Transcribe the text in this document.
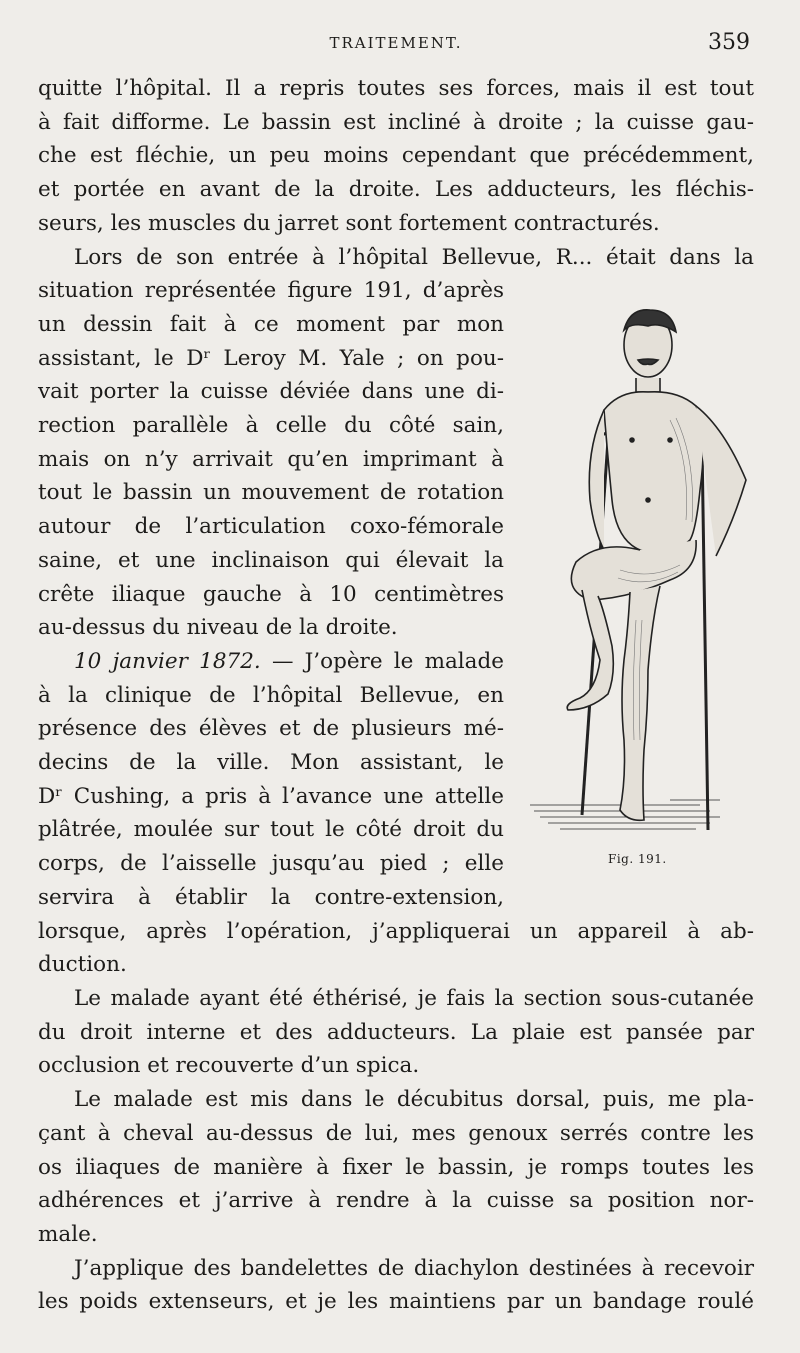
TRAITEMENT.	359

quitte l’hôpital. Il a repris toutes ses forces, mais il est tout
à fait difforme. Le bassin est incliné à droite ; la cuisse gau-
che est fléchie, un peu moins cependant que précédemment,
et portée en avant de la droite. Les adducteurs, les fléchis-
seurs, les muscles du jarret sont fortement contracturés.

Lors de son entrée à l’hôpital Bellevue, R... était dans la
situation représentée figure 191, d’après
un dessin fait à ce moment par mon
assistant, le Dʳ Leroy M. Yale ; on pou-
vait porter la cuisse déviée dans une di-
rection parallèle à celle du côté sain,
mais on n’y arrivait qu’en imprimant à
tout le bassin un mouvement de rotation
autour de l’articulation coxo-fémorale
saine, et une inclinaison qui élevait la
crête iliaque gauche à 10 centimètres
au-dessus du niveau de la droite.

10 janvier 1872. — J’opère le malade
à la clinique de l’hôpital Bellevue, en
présence des élèves et de plusieurs mé-
decins de la ville. Mon assistant, le
Dʳ Cushing, a pris à l’avance une attelle
plâtrée, moulée sur tout le côté droit du
corps, de l’aisselle jusqu’au pied ; elle
servira à établir la contre-extension,
lorsque, après l’opération, j’appliquerai un appareil à ab-
duction.

Le malade ayant été éthérisé, je fais la section sous-cutanée
du droit interne et des adducteurs. La plaie est pansée par
occlusion et recouverte d’un spica.

Le malade est mis dans le décubitus dorsal, puis, me pla-
çant à cheval au-dessus de lui, mes genoux serrés contre les
os iliaques de manière à fixer le bassin, je romps toutes les
adhérences et j’arrive à rendre à la cuisse sa position nor-
male.

J’applique des bandelettes de diachylon destinées à recevoir
les poids extenseurs, et je les maintiens par un bandage roulé

Fig. 191.
